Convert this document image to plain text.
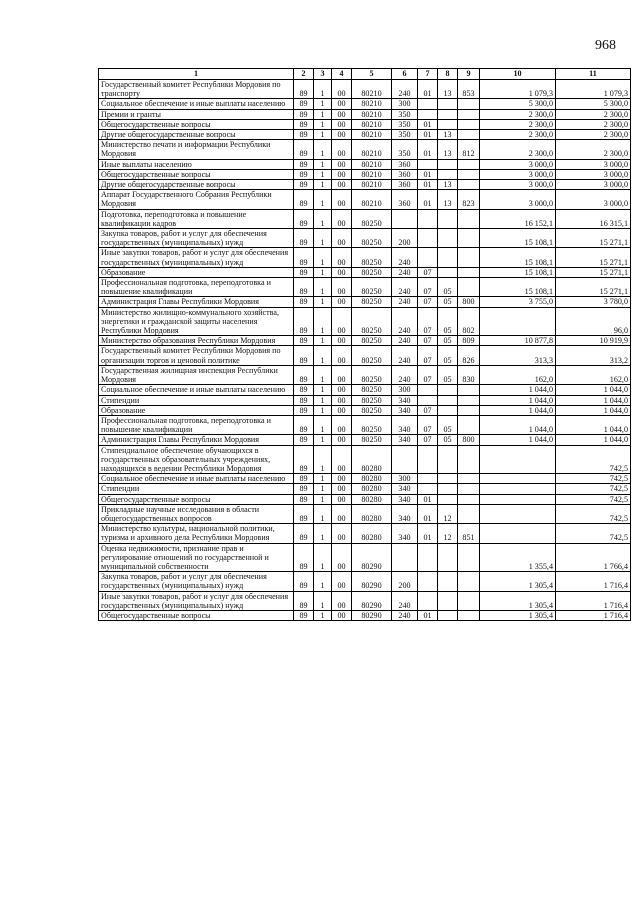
968
1	2	3	4	5	6	7	8	9	10	11
Государственный комитет Республики Мордовия по транспорту	89	1	00	80210	240	01	13	853	1 079,3	1 079,3
Социальное обеспечение и иные выплаты населению	89	1	00	80210	300				5 300,0	5 300,0
Премии и гранты	89	1	00	80210	350				2 300,0	2 300,0
Общегосударственные вопросы	89	1	00	80210	350	01			2 300,0	2 300,0
Другие общегосударственные вопросы	89	1	00	80210	350	01	13		2 300,0	2 300,0
Министерство печати и информации Республики Мордовия	89	1	00	80210	350	01	13	812	2 300,0	2 300,0
Иные выплаты населению	89	1	00	80210	360				3 000,0	3 000,0
Общегосударственные вопросы	89	1	00	80210	360	01			3 000,0	3 000,0
Другие общегосударственные вопросы	89	1	00	80210	360	01	13		3 000,0	3 000,0
Аппарат Государственного Собрания Республики Мордовия	89	1	00	80210	360	01	13	823	3 000,0	3 000,0
Подготовка, переподготовка и повышение квалификации кадров	89	1	00	80250					16 152,1	16 315,1
Закупка товаров, работ и услуг для обеспечения государственных (муниципальных) нужд	89	1	00	80250	200				15 108,1	15 271,1
Иные закупки товаров, работ и услуг для обеспечения государственных (муниципальных) нужд	89	1	00	80250	240				15 108,1	15 271,1
Образование	89	1	00	80250	240	07			15 108,1	15 271,1
Профессиональная подготовка, переподготовка и повышение квалификации	89	1	00	80250	240	07	05		15 108,1	15 271,1
Администрация Главы Республики Мордовия	89	1	00	80250	240	07	05	800	3 755,0	3 780,0
Министерство жилищно-коммунального хозяйства, энергетики и гражданской защиты населения Республики Мордовия	89	1	00	80250	240	07	05	802		96,0
Министерство образования Республики Мордовия	89	1	00	80250	240	07	05	809	10 877,8	10 919,9
Государственный комитет Республики Мордовия по организации торгов и ценовой политике	89	1	00	80250	240	07	05	826	313,3	313,2
Государственная жилищная инспекция Республики Мордовия	89	1	00	80250	240	07	05	830	162,0	162,0
Социальное обеспечение и иные выплаты населению	89	1	00	80250	300				1 044,0	1 044,0
Стипендии	89	1	00	80250	340				1 044,0	1 044,0
Образование	89	1	00	80250	340	07			1 044,0	1 044,0
Профессиональная подготовка, переподготовка и повышение квалификации	89	1	00	80250	340	07	05		1 044,0	1 044,0
Администрация Главы Республики Мордовия	89	1	00	80250	340	07	05	800	1 044,0	1 044,0
Стипендиальное обеспечение обучающихся в государственных образовательных учреждениях, находящихся в ведении Республики Мордовия	89	1	00	80280						742,5
Социальное обеспечение и иные выплаты населению	89	1	00	80280	300					742,5
Стипендии	89	1	00	80280	340					742,5
Общегосударственные вопросы	89	1	00	80280	340	01				742,5
Прикладные научные исследования в области общегосударственных вопросов	89	1	00	80280	340	01	12			742,5
Министерство культуры, национальной политики, туризма и архивного дела Республики Мордовия	89	1	00	80280	340	01	12	851		742,5
Оценка недвижимости, признание прав и регулирование отношений по государственной и муниципальной собственности	89	1	00	80290					1 355,4	1 766,4
Закупка товаров, работ и услуг для обеспечения государственных (муниципальных) нужд	89	1	00	80290	200				1 305,4	1 716,4
Иные закупки товаров, работ и услуг для обеспечения государственных (муниципальных) нужд	89	1	00	80290	240				1 305,4	1 716,4
Общегосударственные вопросы	89	1	00	80290	240	01			1 305,4	1 716,4
